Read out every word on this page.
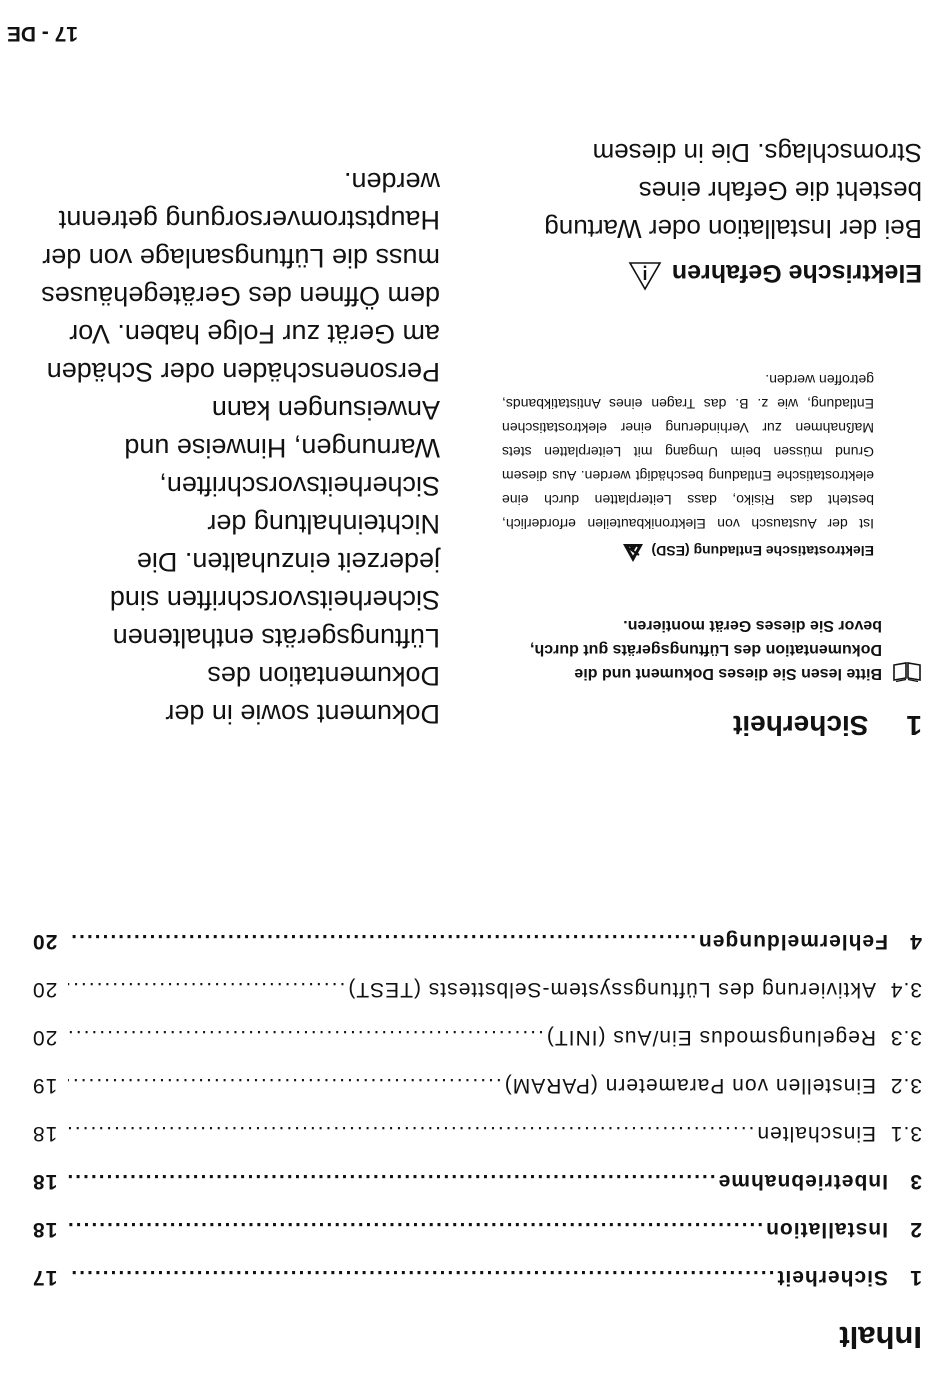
Inhalt
1
Sicherheit
.....
17
2
Installation
.....
18
3
Inbetriebnahme
.....
18
3.1
Einschalten
.....
18
3.2
Einstellen von Parametern (PARAM)
.....
19
3.3
Regelungsmodus Ein/Aus (INIT)
.....
20
3.4
Aktivierung des Lüftungssystem-Selbsttests (TEST)
.....
20
4
Fehlermeldungen
.....
20
1
Sicherheit

Bitte lesen Sie dieses Dokument und die Dokumentation des Lüftungsgeräts gut durch, bevor Sie dieses Gerät montieren.

Elektrostatische Entladung (ESD)

Ist der Austausch von Elektronikbauteilen erforderlich, besteht das Risiko, dass Leiterplatten durch eine elektrostatische Entladung beschädigt werden. Aus diesem Grund müssen beim Umgang mit Leiterplatten stets Maßnahmen zur Verhinderung einer elektrostatischen Entladung, wie z. B. das Tragen eines Antistatikbands, getroffen werden.

Elektrische Gefahren

Bei der Installation oder Wartung besteht die Gefahr eines Stromschlags. Die in diesem

Dokument sowie in der Dokumentation des Lüftungsgeräts enthaltenen Sicherheitsvorschriften sind jederzeit einzuhalten. Die Nichteinhaltung der Sicherheitsvorschriften, Warnungen, Hinweise und Anweisungen kann Personenschäden oder Schäden am Gerät zur Folge haben. Vor dem Öffnen des Gerätegehäuses muss die Lüftungsanlage von der Hauptstromversorgung getrennt werden.

17 - DE
